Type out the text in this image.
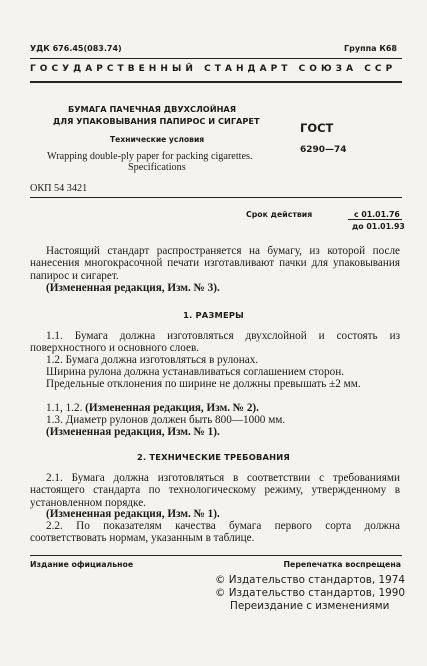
УДК 676.45(083.74)	Группа К68
ГОСУДАРСТВЕННЫЙ СТАНДАРТ СОЮЗА ССР
БУМАГА ПАЧЕЧНАЯ ДВУХСЛОЙНАЯ
ДЛЯ УПАКОВЫВАНИЯ ПАПИРОС И СИГАРЕТ
Технические условия
Wrapping double-ply paper for packing cigarettes.
Specifications
ОКП 54 3421
ГОСТ
6290—74
Срок действия	с 01.01.76
до 01.01.93

Настоящий стандарт распространяется на бумагу, из которой после нанесения многокрасочной печати изготавливают пачки для упаковывания папирос и сигарет.

(Измененная редакция, Изм. № 3).

1. РАЗМЕРЫ

1.1. Бумага должна изготовляться двухслойной и состоять из поверхностного и основного слоев.

1.2. Бумага должна изготовляться в рулонах.

Ширина рулона должна устанавливаться соглашением сторон.

Предельные отклонения по ширине не должны превышать ±2 мм.

1.1, 1.2. (Измененная редакция, Изм. № 2).

1.3. Диаметр рулонов должен быть 800—1000 мм.

(Измененная редакция, Изм. № 1).

2. ТЕХНИЧЕСКИЕ ТРЕБОВАНИЯ

2.1. Бумага должна изготовляться в соответствии с требованиями настоящего стандарта по технологическому режиму, утвержденному в установленном порядке.

(Измененная редакция, Изм. № 1).

2.2. По показателям качества бумага первого сорта должна соответствовать нормам, указанным в таблице.

Издание официальное	Перепечатка воспрещена
© Издательство стандартов, 1974
© Издательство стандартов, 1990
Переиздание с изменениями
